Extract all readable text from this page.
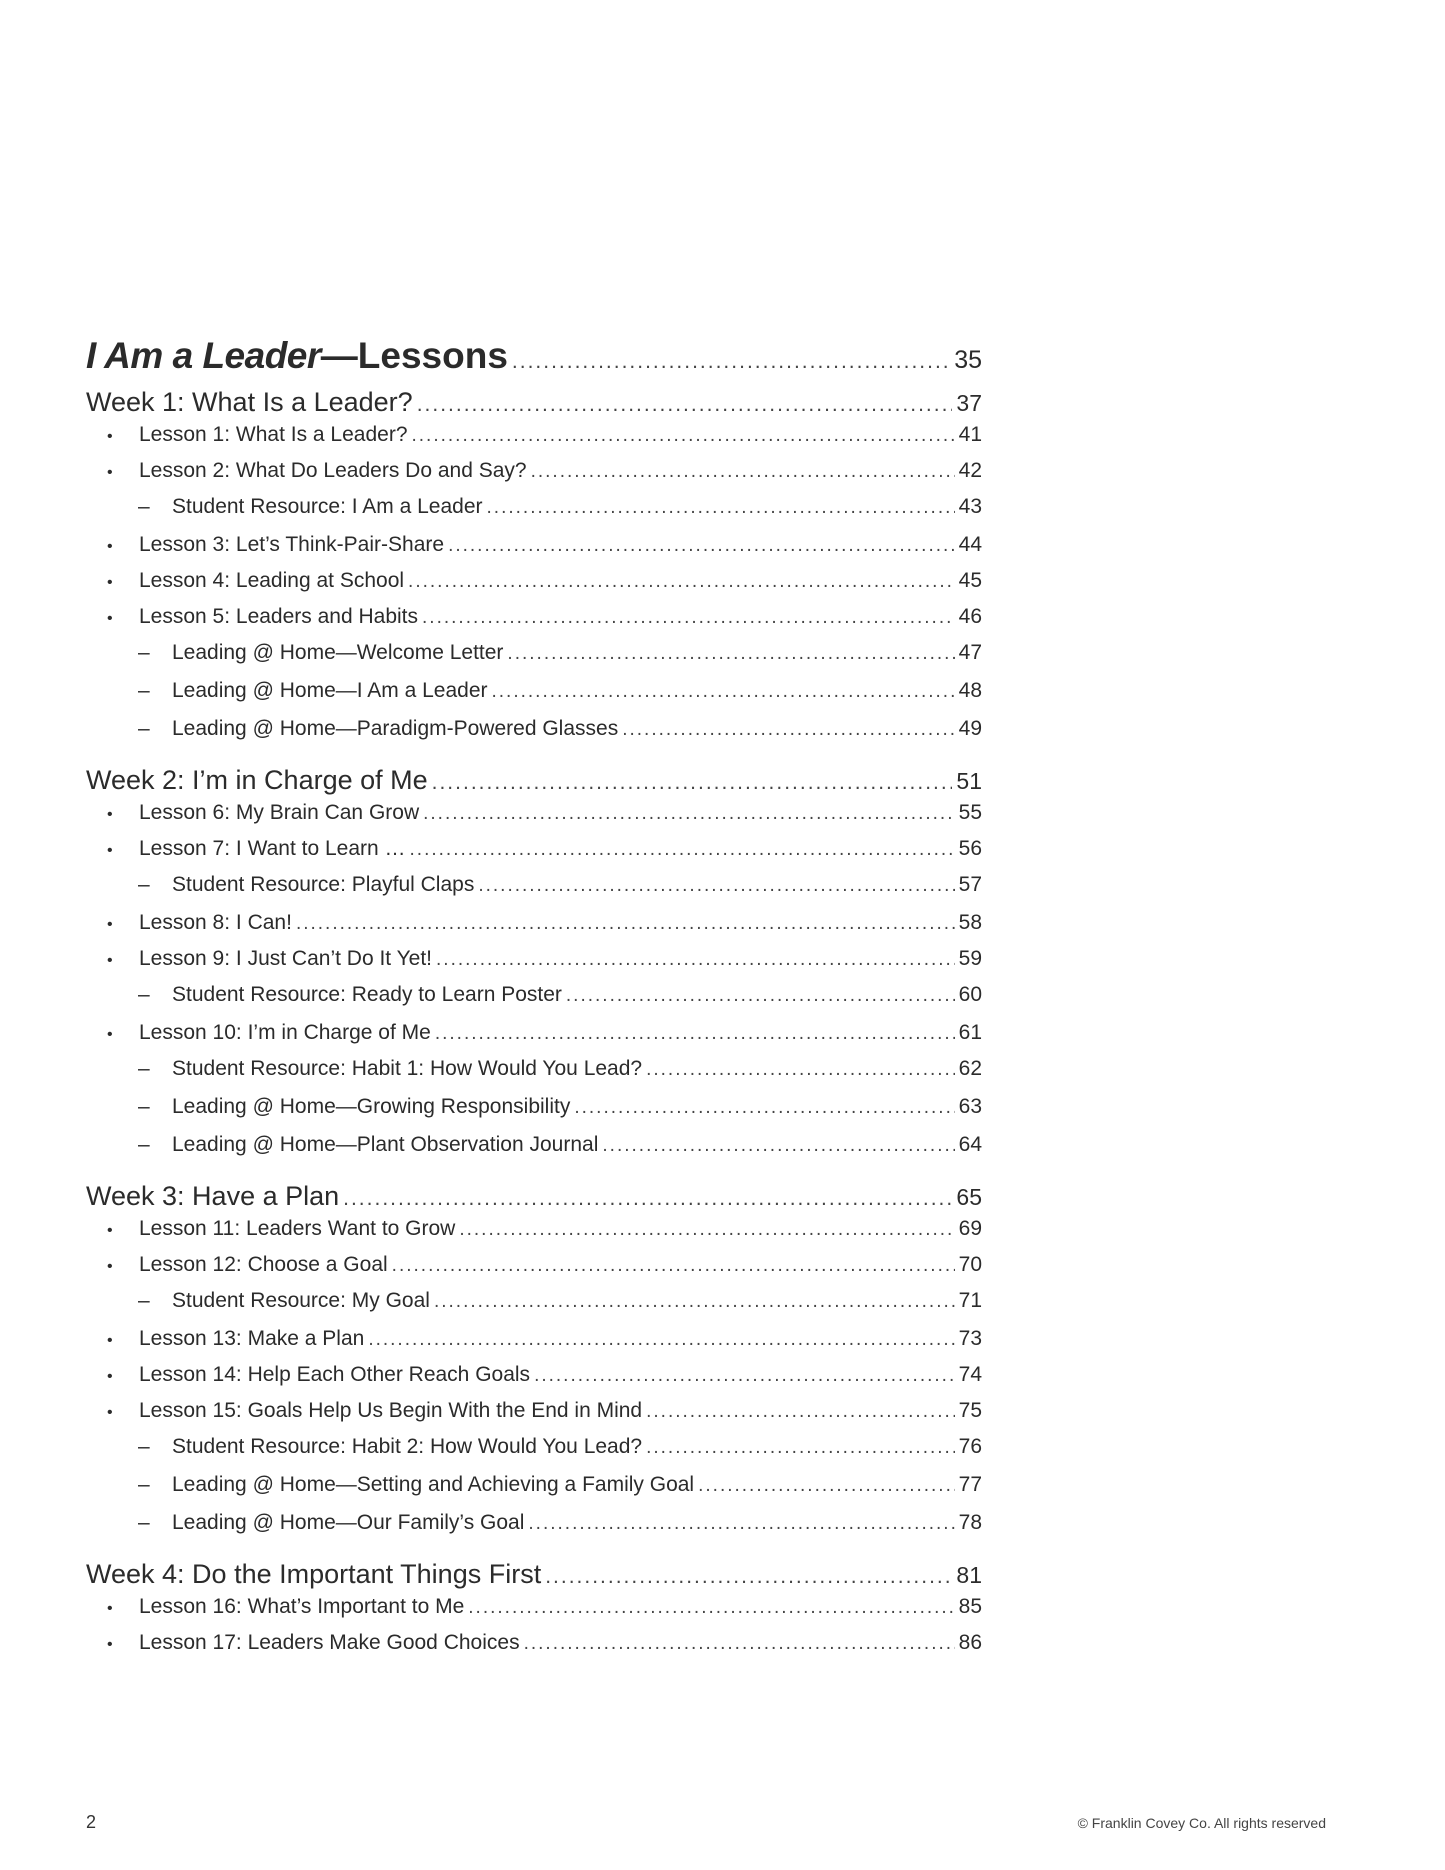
I Am a Leader—Lessons .....	35
Week 1: What Is a Leader? .....	37
• Lesson 1: What Is a Leader? .....	41
• Lesson 2: What Do Leaders Do and Say? .....	42
– Student Resource: I Am a Leader .....	43
• Lesson 3: Let’s Think-Pair-Share .....	44
• Lesson 4: Leading at School .....	45
• Lesson 5: Leaders and Habits .....	46
– Leading @ Home—Welcome Letter .....	47
– Leading @ Home—I Am a Leader .....	48
– Leading @ Home—Paradigm-Powered Glasses .....	49
Week 2: I’m in Charge of Me .....	51
• Lesson 6: My Brain Can Grow .....	55
• Lesson 7: I Want to Learn … .....	56
– Student Resource: Playful Claps .....	57
• Lesson 8: I Can! .....	58
• Lesson 9: I Just Can’t Do It Yet! .....	59
– Student Resource: Ready to Learn Poster .....	60
• Lesson 10: I’m in Charge of Me .....	61
– Student Resource: Habit 1: How Would You Lead? .....	62
– Leading @ Home—Growing Responsibility .....	63
– Leading @ Home—Plant Observation Journal .....	64
Week 3: Have a Plan .....	65
• Lesson 11: Leaders Want to Grow .....	69
• Lesson 12: Choose a Goal .....	70
– Student Resource: My Goal .....	71
• Lesson 13: Make a Plan .....	73
• Lesson 14: Help Each Other Reach Goals .....	74
• Lesson 15: Goals Help Us Begin With the End in Mind .....	75
– Student Resource: Habit 2: How Would You Lead? .....	76
– Leading @ Home—Setting and Achieving a Family Goal .....	77
– Leading @ Home—Our Family’s Goal .....	78
Week 4: Do the Important Things First .....	81
• Lesson 16: What’s Important to Me .....	85
• Lesson 17: Leaders Make Good Choices .....	86
2	© Franklin Covey Co. All rights reserved
